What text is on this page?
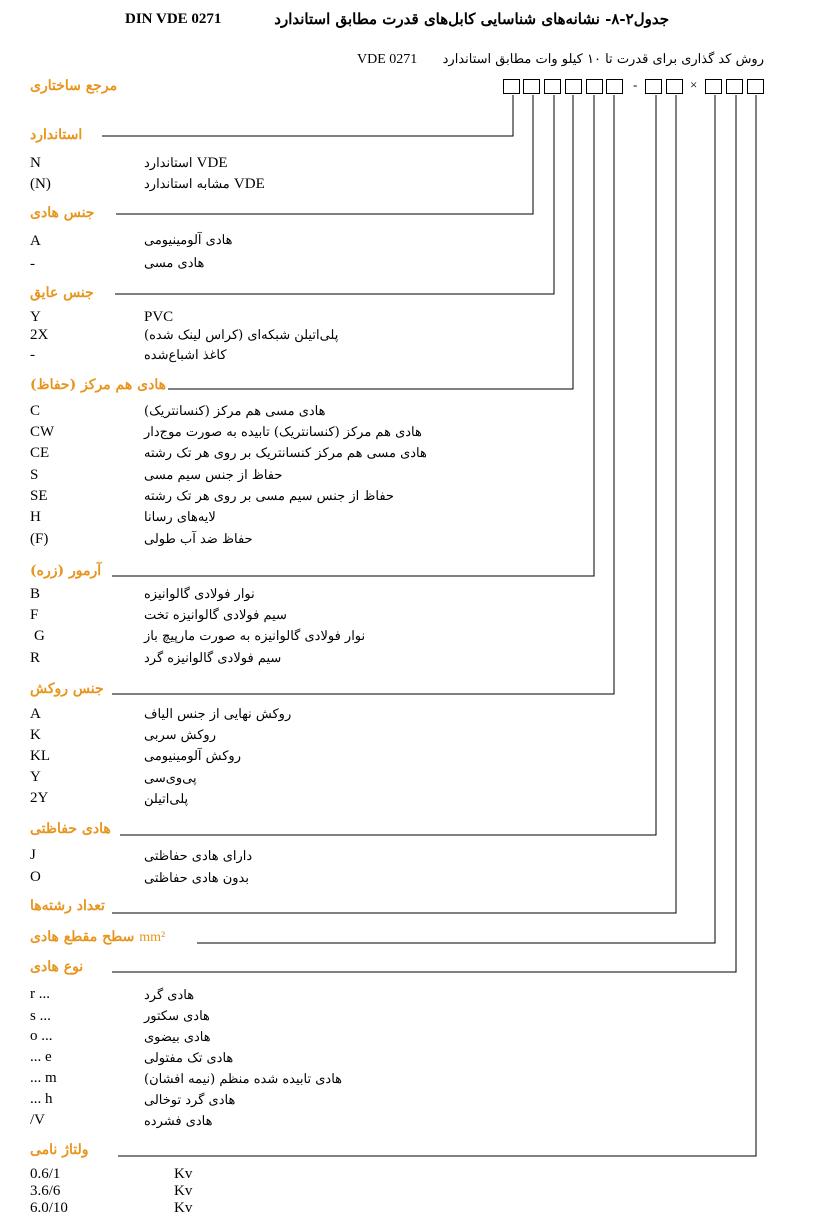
جدول۲-۸- نشانه‌های شناسایی کابل‌های قدرت مطابق استاندارد
DIN VDE 0271
روش کد گذاری برای قدرت تا ۱۰ کیلو وات مطابق استاندارد
VDE 0271
مرجع ساختاری	-	×
استاندارد
N	VDE استاندارد
(N)	VDE مشابه استاندارد
جنس هادی
A	هادی آلومینیومی
-	هادی مسی
جنس عایق
Y	PVC
2X	پلی‌اتیلن شبکه‌ای (کراس لینک شده)
-	کاغذ اشباع‌شده
هادی هم مرکز (حفاظ)
C	هادی مسی هم مرکز (کنسانتریک)
CW	هادی هم مرکز (کنسانتریک) تابیده به صورت موج‌دار
CE	هادی مسی هم مرکز کنسانتریک بر روی هر تک رشته
S	حفاظ از جنس سیم مسی
SE	حفاظ از جنس سیم مسی بر روی هر تک رشته
H	لایه‌های رسانا
(F)	حفاظ ضد آب طولی
آرمور (زره)
B	نوار فولادی گالوانیزه
F	سیم فولادی گالوانیزه تخت
G	نوار فولادی گالوانیزه به صورت مارپیچ باز
R	سیم فولادی گالوانیزه گرد
جنس روکش
A	روکش نهایی از جنس الیاف
K	روکش سربی
KL	روکش آلومینیومی
Y	پی‌وی‌سی
2Y	پلی‌اتیلن
هادی حفاظتی
J	دارای هادی حفاظتی
O	بدون هادی حفاظتی
تعداد رشته‌ها
mm² سطح مقطع هادی
نوع هادی
r ...	هادی گرد
s ...	هادی سکتور
o ...	هادی بیضوی
... e	هادی تک مفتولی
... m	هادی تابیده شده منظم (نیمه افشان)
... h	هادی گرد توخالی
/V	هادی فشرده
ولتاژ نامی
0.6/1	Kv
3.6/6	Kv
6.0/10	Kv
